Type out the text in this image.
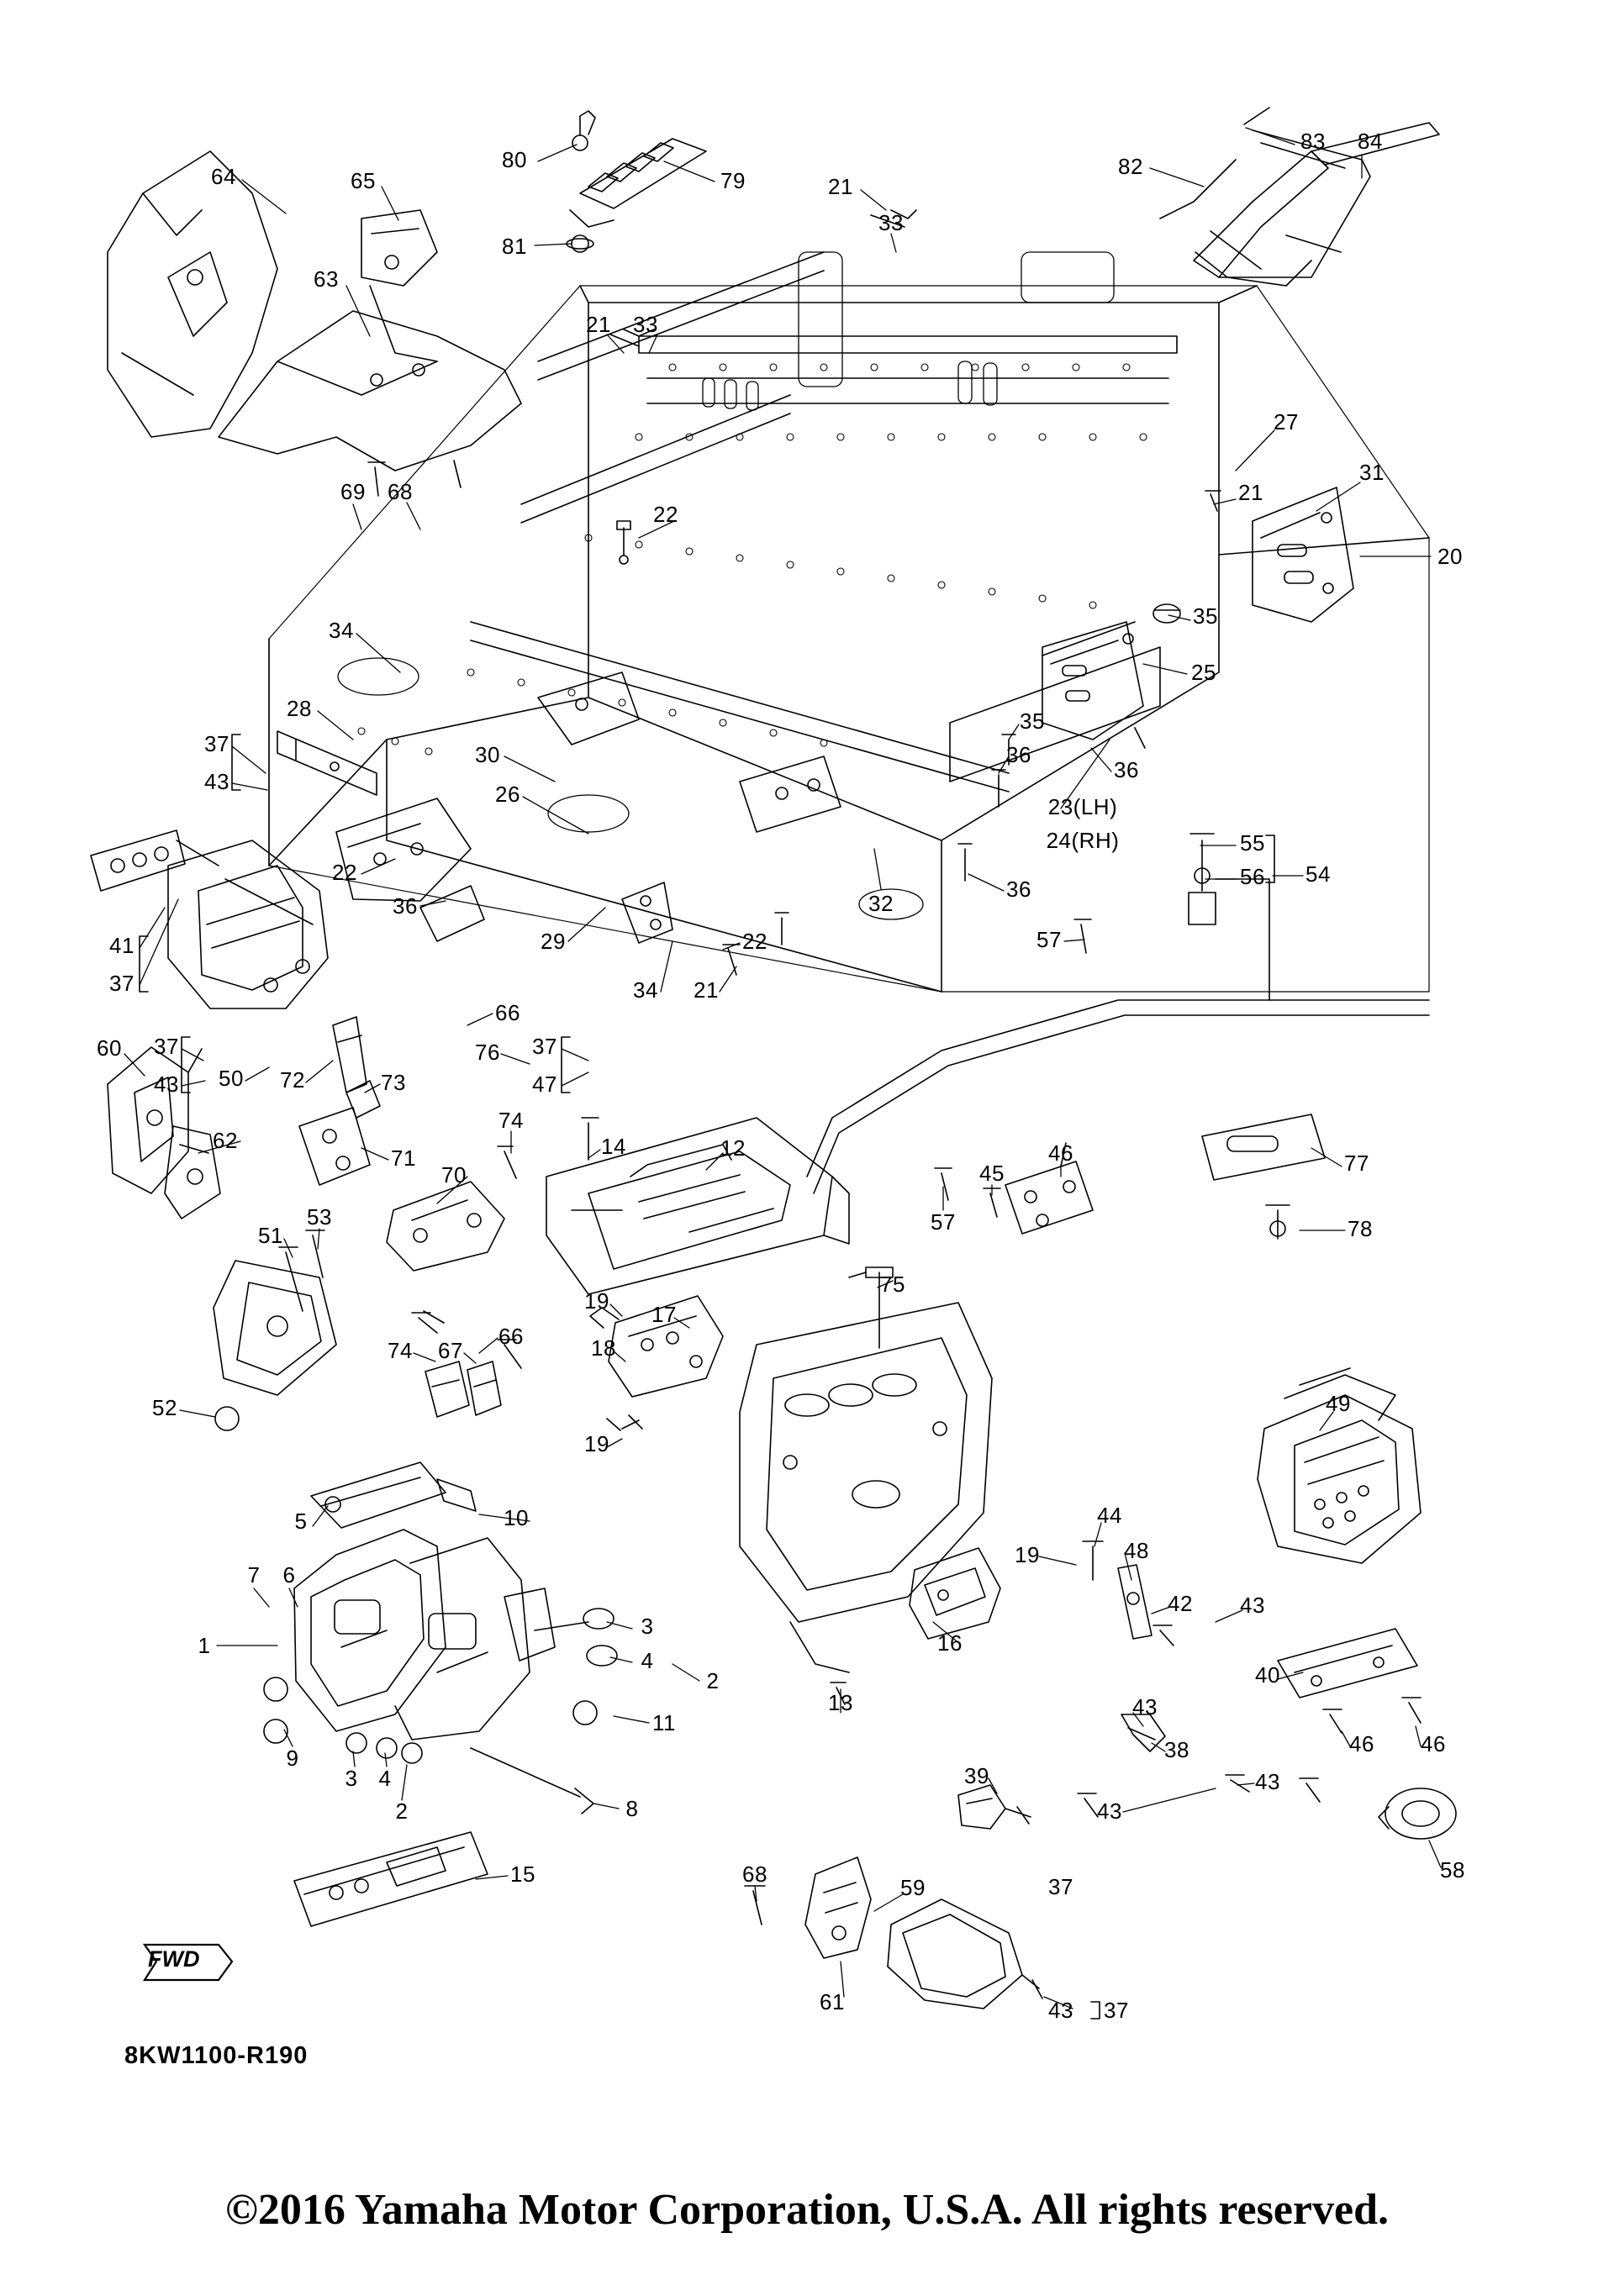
FWD
8KW1100-R190
64	65
80
79	21
33
82
83 84
81
63
21 33
27
31
21
69 68
20
22
35
25
34
28	35
36
36
30
26	23(LH)
24(RH)
37
43
22
36
29
32
36
55
56 54
57
41
37
22
34 21
66
76 37
47
60 37
43 50 72	73
62
71
70
74
14	12
45
46	77
57	78
51
53
75
19
17
74 67
66	18
19
52	49
44
48
19
5	10
7 6
42 43
16
1
3
4
2	40
11
13	43
46 46
9
3 4
38
39	43
2	8	43
15	68	37
58
59
61	43 37
©2016 Yamaha Motor Corporation, U.S.A. All rights reserved.
